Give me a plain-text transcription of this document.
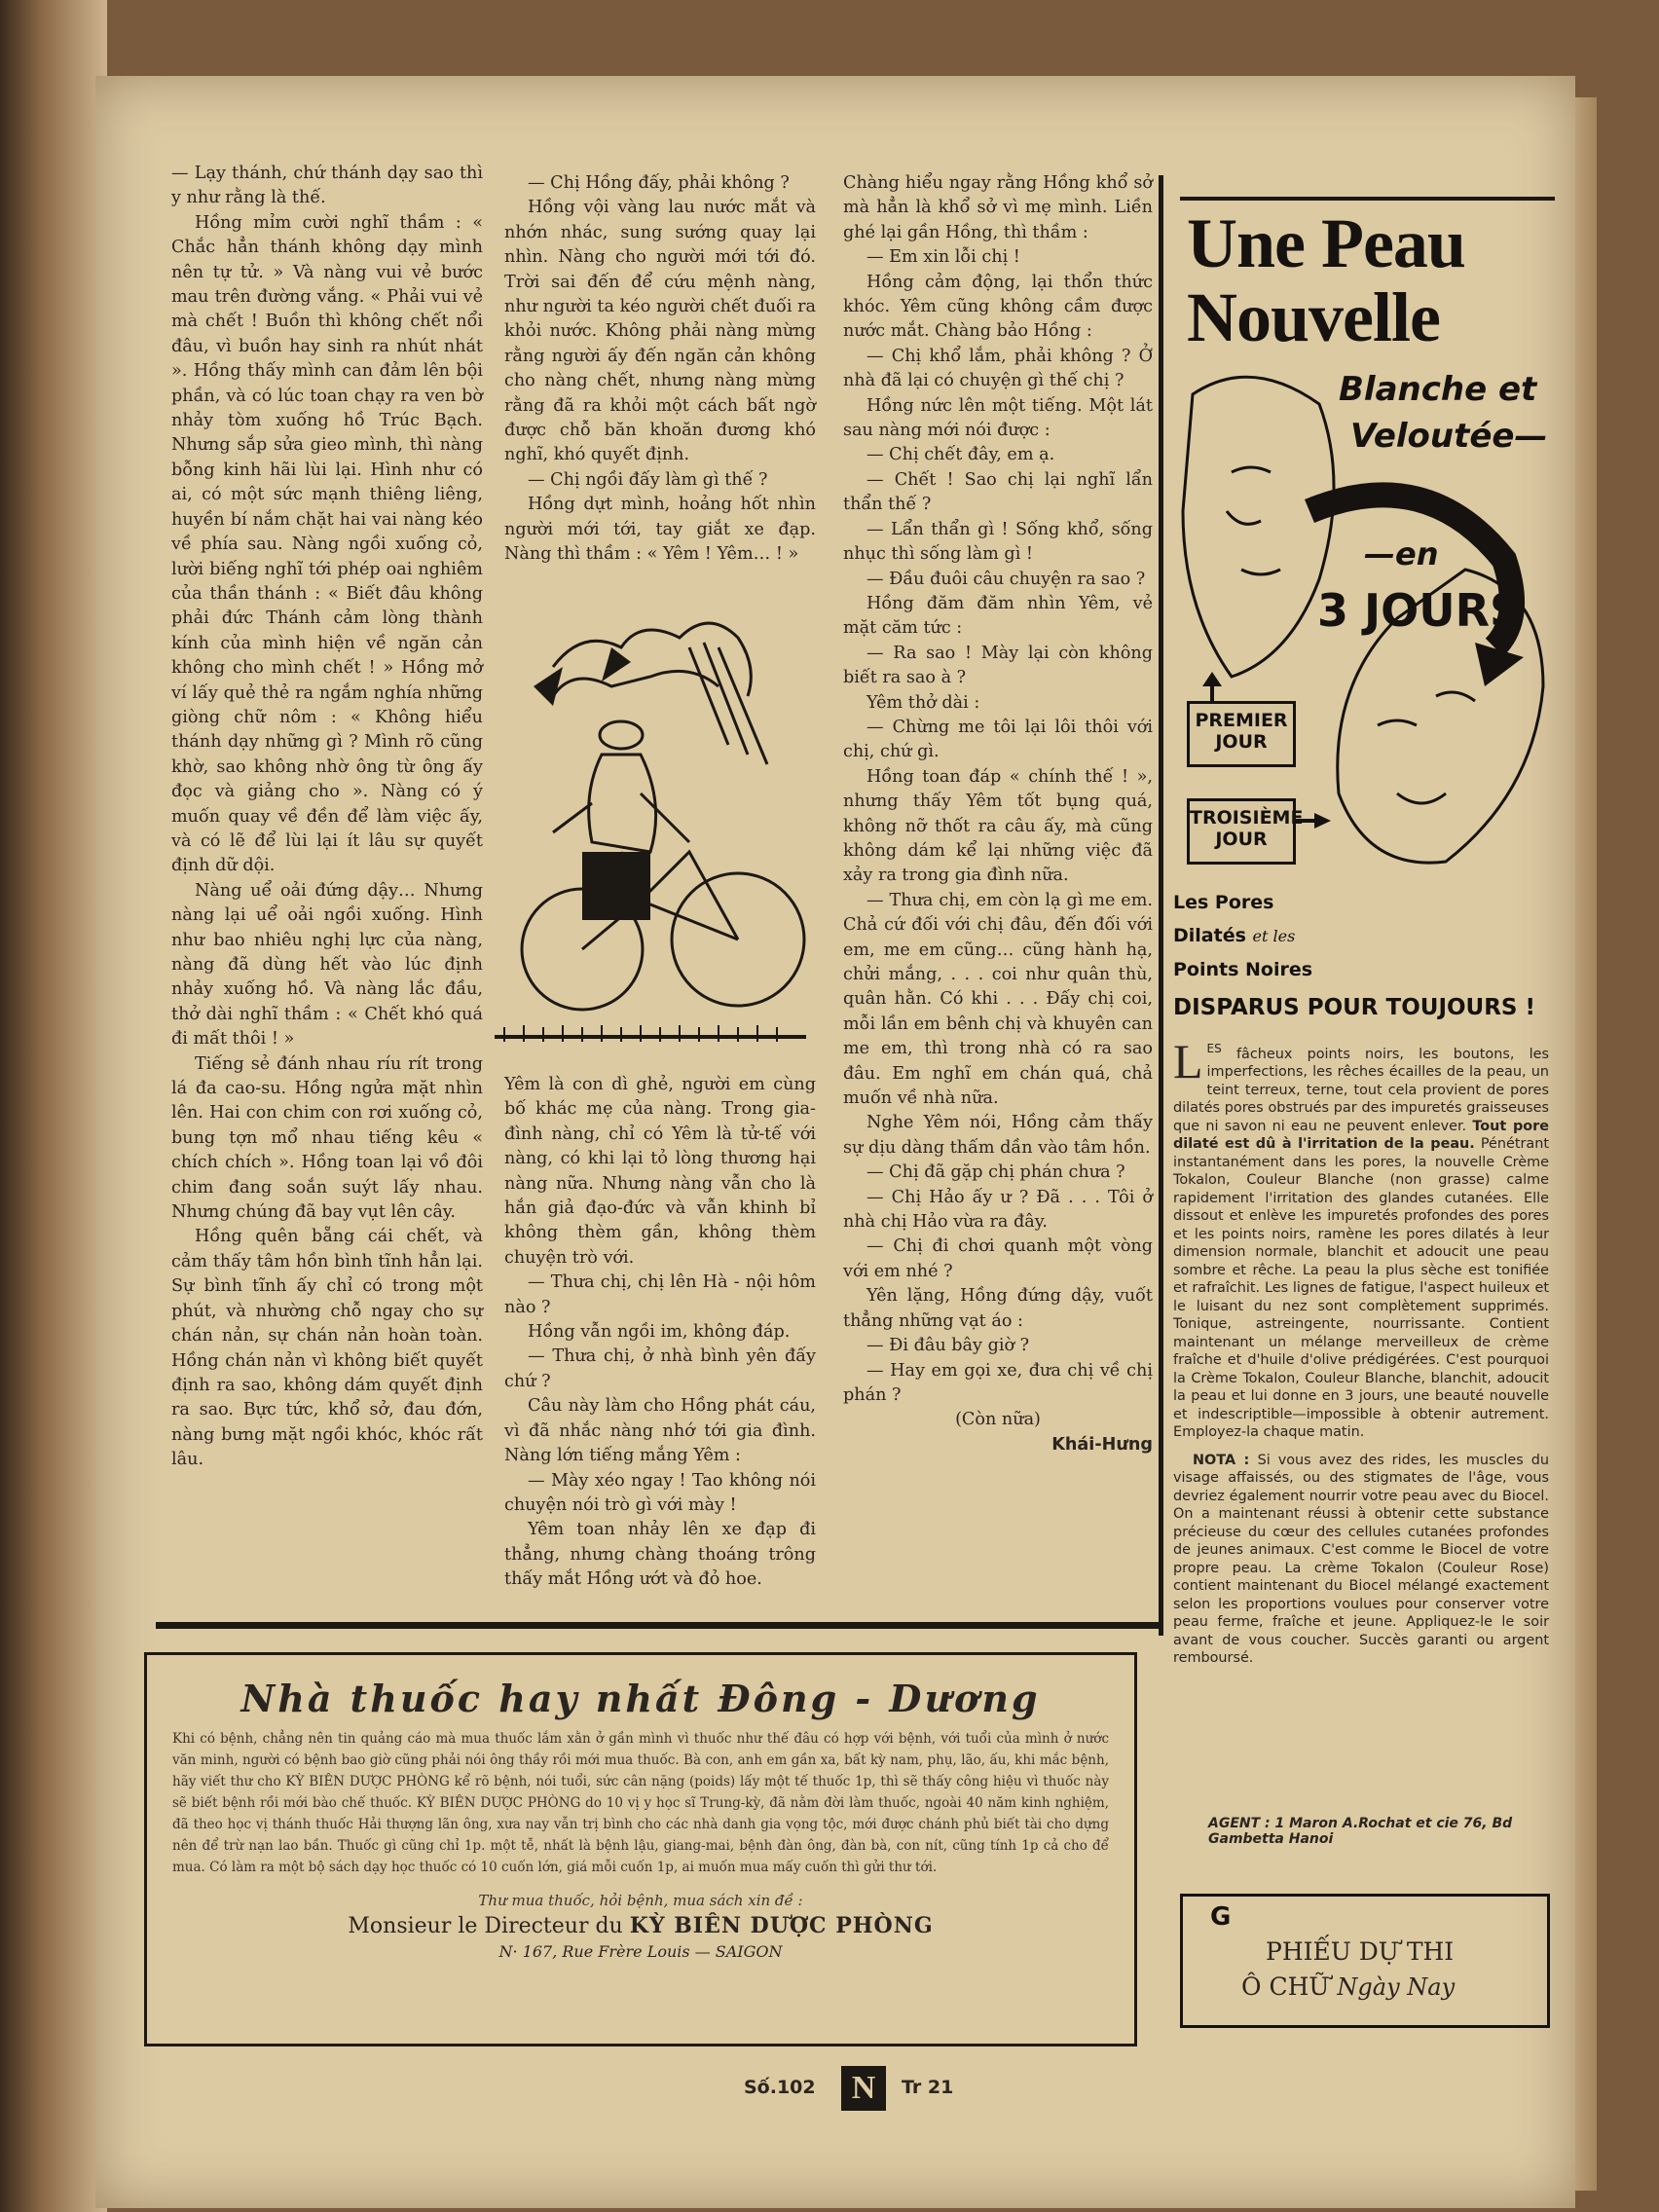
— Lạy thánh, chứ thánh dạy sao thì y như rằng là thế.

Hồng mỉm cười nghĩ thầm : « Chắc hẳn thánh không dạy mình nên tự tử. » Và nàng vui vẻ bước mau trên đường vắng. « Phải vui vẻ mà chết ! Buồn thì không chết nổi đâu, vì buồn hay sinh ra nhút nhát ». Hồng thấy mình can đảm lên bội phần, và có lúc toan chạy ra ven bờ nhảy tòm xuống hồ Trúc Bạch. Nhưng sắp sửa gieo mình, thì nàng bỗng kinh hãi lùi lại. Hình như có ai, có một sức mạnh thiêng liêng, huyền bí nắm chặt hai vai nàng kéo về phía sau. Nàng ngồi xuống cỏ, lười biếng nghĩ tới phép oai nghiêm của thần thánh : « Biết đâu không phải đức Thánh cảm lòng thành kính của mình hiện về ngăn cản không cho mình chết ! » Hồng mở ví lấy quẻ thẻ ra ngắm nghía những giòng chữ nôm : « Không hiểu thánh dạy những gì ? Mình rõ cũng khờ, sao không nhờ ông từ ông ấy đọc và giảng cho ». Nàng có ý muốn quay về đền để làm việc ấy, và có lẽ để lùi lại ít lâu sự quyết định dữ dội.

Nàng uể oải đứng dậy… Nhưng nàng lại uể oải ngồi xuống. Hình như bao nhiêu nghị lực của nàng, nàng đã dùng hết vào lúc định nhảy xuống hồ. Và nàng lắc đầu, thở dài nghĩ thầm : « Chết khó quá đi mất thôi ! »

Tiếng sẻ đánh nhau ríu rít trong lá đa cao-su. Hồng ngửa mặt nhìn lên. Hai con chim con rơi xuống cỏ, bung tợn mổ nhau tiếng kêu « chích chích ». Hồng toan lại vồ đôi chim đang soắn suýt lấy nhau. Nhưng chúng đã bay vụt lên cây.

Hồng quên bẵng cái chết, và cảm thấy tâm hồn bình tĩnh hẳn lại. Sự bình tĩnh ấy chỉ có trong một phút, và nhường chỗ ngay cho sự chán nản, sự chán nản hoàn toàn. Hồng chán nản vì không biết quyết định ra sao, không dám quyết định ra sao. Bực tức, khổ sở, đau đớn, nàng bưng mặt ngồi khóc, khóc rất lâu.

— Chị Hồng đấy, phải không ?

Hồng vội vàng lau nước mắt và nhớn nhác, sung sướng quay lại nhìn. Nàng cho người mới tới đó. Trời sai đến để cứu mệnh nàng, như người ta kéo người chết đuối ra khỏi nước. Không phải nàng mừng rằng người ấy đến ngăn cản không cho nàng chết, nhưng nàng mừng rằng đã ra khỏi một cách bất ngờ được chỗ băn khoăn đương khó nghĩ, khó quyết định.

— Chị ngồi đấy làm gì thế ?

Hồng dựt mình, hoảng hốt nhìn người mới tới, tay giắt xe đạp. Nàng thì thầm : « Yêm ! Yêm… ! »

Yêm là con dì ghẻ, người em cùng bố khác mẹ của nàng. Trong gia-đình nàng, chỉ có Yêm là tử-tế với nàng, có khi lại tỏ lòng thương hại nàng nữa. Nhưng nàng vẫn cho là hắn giả đạo-đức và vẫn khinh bỉ không thèm gần, không thèm chuyện trò với.

— Thưa chị, chị lên Hà - nội hôm nào ?

Hồng vẫn ngồi im, không đáp.

— Thưa chị, ở nhà bình yên đấy chứ ?

Câu này làm cho Hồng phát cáu, vì đã nhắc nàng nhớ tới gia đình. Nàng lớn tiếng mắng Yêm :

— Mày xéo ngay ! Tao không nói chuyện nói trò gì với mày !

Yêm toan nhảy lên xe đạp đi thẳng, nhưng chàng thoáng trông thấy mắt Hồng ướt và đỏ hoe.

Chàng hiểu ngay rằng Hồng khổ sở mà hẳn là khổ sở vì mẹ mình. Liền ghé lại gần Hồng, thì thầm :

— Em xin lỗi chị !

Hồng cảm động, lại thổn thức khóc. Yêm cũng không cầm được nước mắt. Chàng bảo Hồng :

— Chị khổ lắm, phải không ? Ở nhà đã lại có chuyện gì thế chị ?

Hồng nức lên một tiếng. Một lát sau nàng mới nói được :

— Chị chết đây, em ạ.

— Chết ! Sao chị lại nghĩ lẩn thẩn thế ?

— Lẩn thẩn gì ! Sống khổ, sống nhục thì sống làm gì !

— Đầu đuôi câu chuyện ra sao ?

Hồng đăm đăm nhìn Yêm, vẻ mặt căm tức :

— Ra sao ! Mày lại còn không biết ra sao à ?

Yêm thở dài :

— Chừng me tôi lại lôi thôi với chị, chứ gì.

Hồng toan đáp « chính thế ! », nhưng thấy Yêm tốt bụng quá, không nỡ thốt ra câu ấy, mà cũng không dám kể lại những việc đã xảy ra trong gia đình nữa.

— Thưa chị, em còn lạ gì me em. Chả cứ đối với chị đâu, đến đối với em, me em cũng… cũng hành hạ, chửi mắng, . . . coi như quân thù, quân hằn. Có khi . . . Đấy chị coi, mỗi lần em bênh chị và khuyên can me em, thì trong nhà có ra sao đâu. Em nghĩ em chán quá, chả muốn về nhà nữa.

Nghe Yêm nói, Hồng cảm thấy sự dịu dàng thấm dần vào tâm hồn.

— Chị đã gặp chị phán chưa ?

— Chị Hảo ấy ư ? Đã . . . Tôi ở nhà chị Hảo vừa ra đây.

— Chị đi chơi quanh một vòng với em nhé ?

Yên lặng, Hồng đứng dậy, vuốt thẳng những vạt áo :

— Đi đâu bây giờ ?

— Hay em gọi xe, đưa chị về chị phán ?

(Còn nữa)

Khái-Hưng

Nhà thuốc hay nhất Đông - Dương
Khi có bệnh, chẳng nên tin quảng cáo mà mua thuốc lắm xằn ở gần mình vì thuốc như thế đâu có hợp với bệnh, với tuổi của mình ở nước văn minh, người có bệnh bao giờ cũng phải nói ông thầy rồi mới mua thuốc. Bà con, anh em gần xa, bất kỳ nam, phụ, lão, ấu, khi mắc bệnh, hãy viết thư cho KỲ BIÊN DƯỢC PHÒNG kể rõ bệnh, nói tuổi, sức cân nặng (poids) lấy một tế thuốc 1p, thì sẽ thấy công hiệu vì thuốc này sẽ biết bệnh rồi mới bào chế thuốc. KỲ BIÊN DƯỢC PHÒNG do 10 vị y học sĩ Trung-kỳ, đã nằm đời làm thuốc, ngoài 40 năm kinh nghiệm, đã theo học vị thánh thuốc Hải thượng lãn ông, xưa nay vẫn trị bình cho các nhà danh gia vọng tộc, mới được chánh phủ biết tài cho dựng nên để trừ nạn lao bần. Thuốc gì cũng chỉ 1p. một tễ, nhất là bệnh lậu, giang-mai, bệnh đàn ông, đàn bà, con nít, cũng tính 1p cả cho để mua. Có làm ra một bộ sách dạy học thuốc có 10 cuốn lớn, giá mỗi cuốn 1p, ai muốn mua mấy cuốn thì gửi thư tới.
Thư mua thuốc, hỏi bệnh, mua sách xin đề :
Monsieur le Directeur du KỲ BIÊN DƯỢC PHÒNG
N· 167, Rue Frère Louis — SAIGON
Une Peau
Nouvelle
Blanche et
Veloutée—
—en
3 JOURS
PREMIER
JOUR
TROISIÈME
JOUR
Les Pores
Dilatés et les
Points Noires
DISPARUS POUR TOUJOURS !
L $^{ES}$ fâcheux points noirs, les boutons, les imperfections, les rêches écailles de la peau, un teint terreux, terne, tout cela provient de pores dilatés pores obstrués par des impuretés graisseuses que ni savon ni eau ne peuvent enlever. Tout pore dilaté est dû à l'irritation de la peau. Pénétrant instantanément dans les pores, la nouvelle Crème Tokalon, Couleur Blanche (non grasse) calme rapidement l'irritation des glandes cutanées. Elle dissout et enlève les impuretés profondes des pores et les points noirs, ramène les pores dilatés à leur dimension normale, blanchit et adoucit une peau sombre et rêche. La peau la plus sèche est tonifiée et rafraîchit. Les lignes de fatigue, l'aspect huileux et le luisant du nez sont complètement supprimés. Tonique, astreingente, nourrissante. Contient maintenant un mélange merveilleux de crème fraîche et d'huile d'olive prédigérées. C'est pourquoi la Crème Tokalon, Couleur Blanche, blanchit, adoucit la peau et lui donne en 3 jours, une beauté nouvelle et indescriptible—impossible à obtenir autrement. Employez-la chaque matin.
NOTA : Si vous avez des rides, les muscles du visage affaissés, ou des stigmates de l'âge, vous devriez également nourrir votre peau avec du Biocel. On a maintenant réussi à obtenir cette substance précieuse du cœur des cellules cutanées profondes de jeunes animaux. C'est comme le Biocel de votre propre peau. La crème Tokalon (Couleur Rose) contient maintenant du Biocel mélangé exactement selon les proportions voulues pour conserver votre peau ferme, fraîche et jeune. Appliquez-le le soir avant de vous coucher. Succès garanti ou argent remboursé.
AGENT : 1 Maron A.Rochat et cie 76, Bd Gambetta Hanoi
G
PHIẾU DỰ THI
Ô CHỮ Ngày Nay
Số.102	N	Tr 21
